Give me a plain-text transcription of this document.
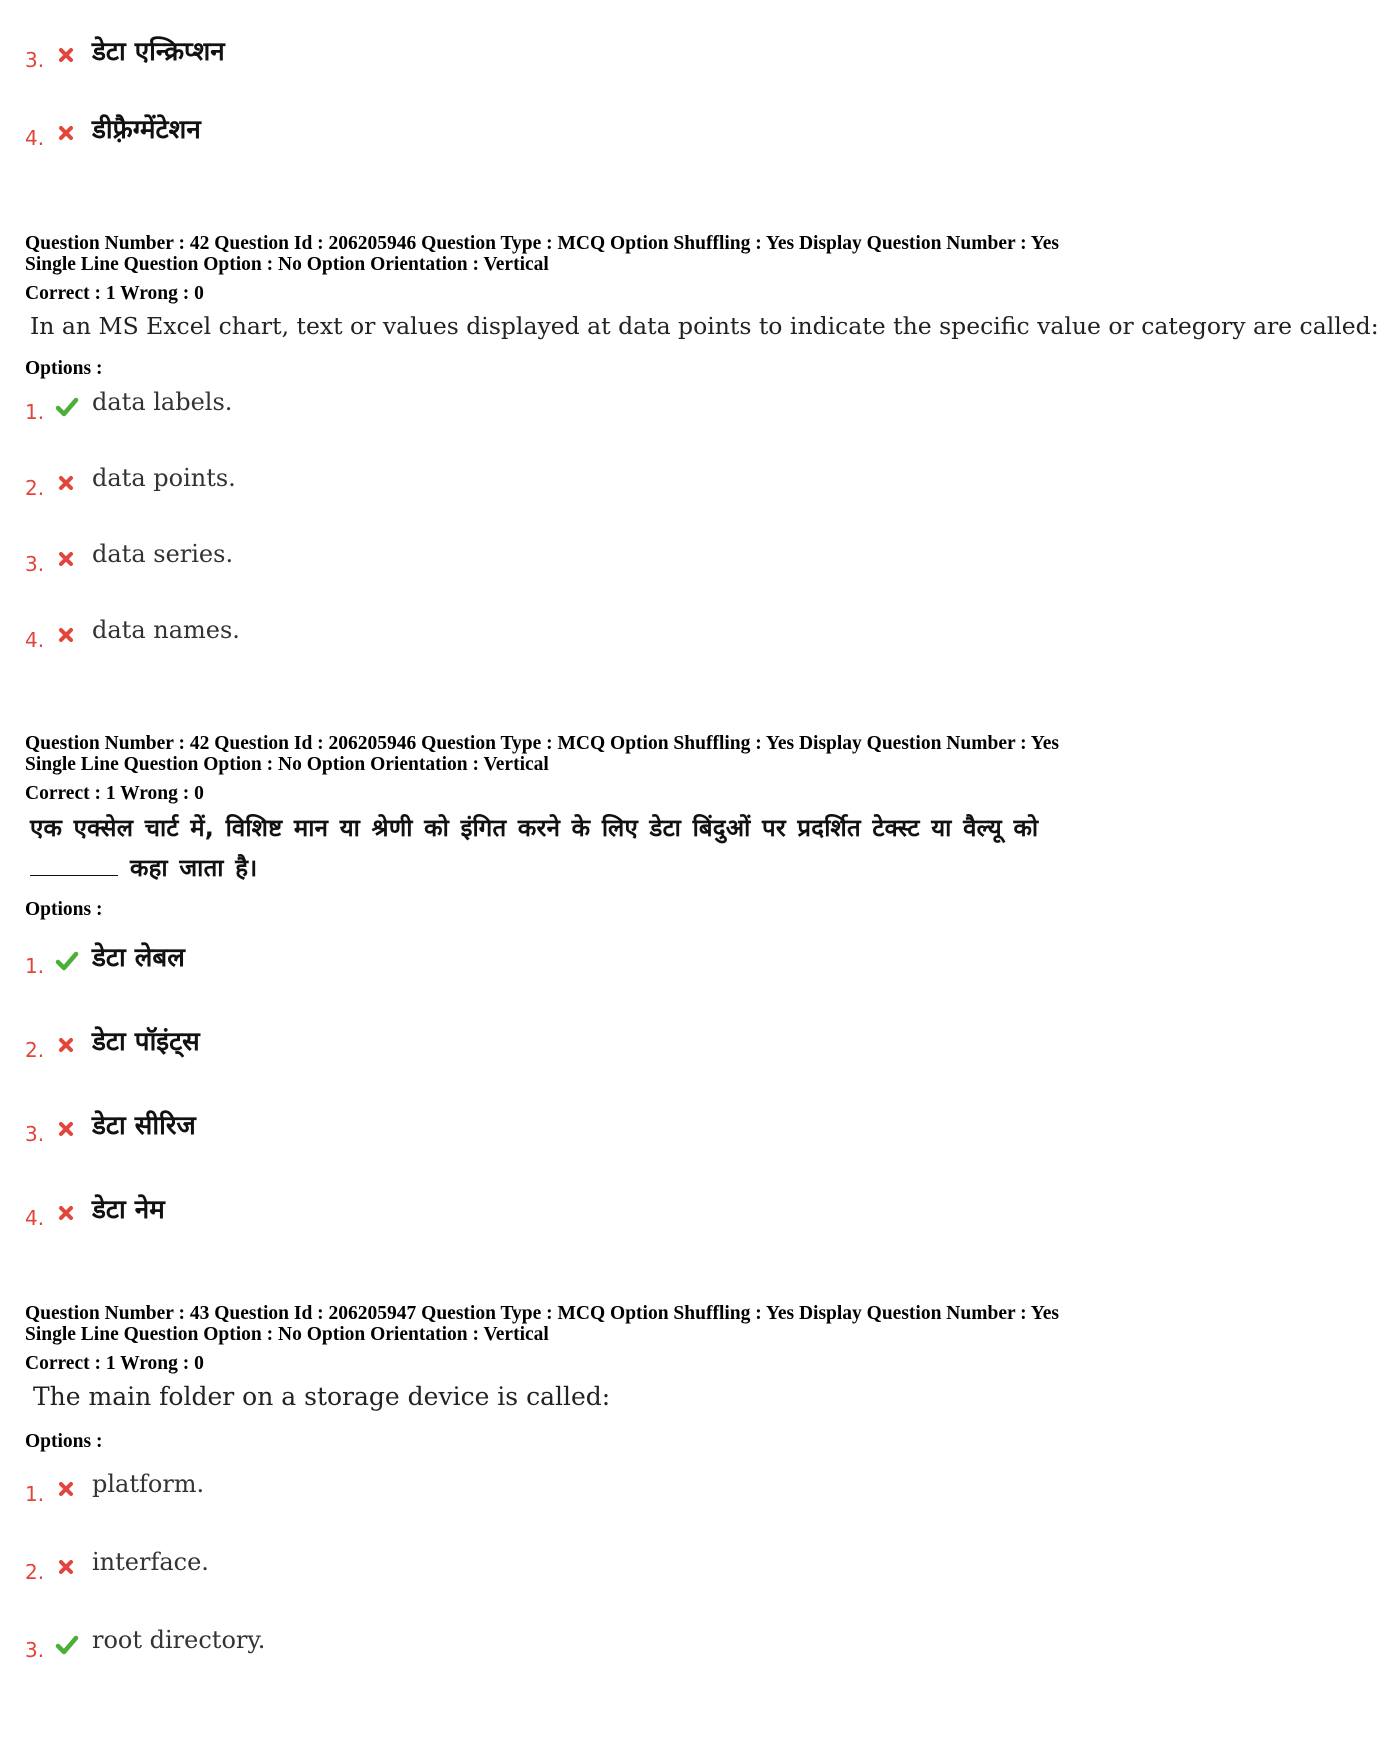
3. डेटा एन्क्रिप्शन
4. डीफ़्रैग्मेंटेशन
Question Number : 42 Question Id : 206205946 Question Type : MCQ Option Shuffling : Yes Display Question Number : Yes
Single Line Question Option : No Option Orientation : Vertical
Correct : 1 Wrong : 0
In an MS Excel chart, text or values displayed at data points to indicate the specific value or category are called:
Options :
1. data labels.
2. data points.
3. data series.
4. data names.
Question Number : 42 Question Id : 206205946 Question Type : MCQ Option Shuffling : Yes Display Question Number : Yes
Single Line Question Option : No Option Orientation : Vertical
Correct : 1 Wrong : 0
एक एक्सेल चार्ट में, विशिष्ट मान या श्रेणी को इंगित करने के लिए डेटा बिंदुओं पर प्रदर्शित टेक्स्ट या वैल्यू को
कहा जाता है।
Options :
1. डेटा लेबल
2. डेटा पॉइंट्स
3. डेटा सीरिज
4. डेटा नेम
Question Number : 43 Question Id : 206205947 Question Type : MCQ Option Shuffling : Yes Display Question Number : Yes
Single Line Question Option : No Option Orientation : Vertical
Correct : 1 Wrong : 0
The main folder on a storage device is called:
Options :
1. platform.
2. interface.
3. root directory.
